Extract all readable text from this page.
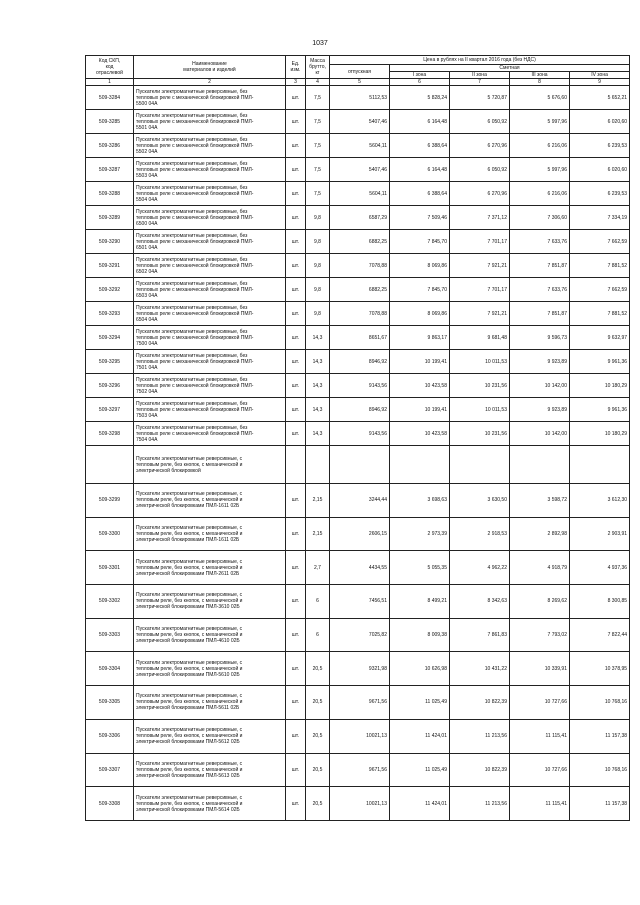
1037
Код СКП,
код
отраслевой	Наименование
материалов и изделий	Ед.
изм.	Масса
брутто,
кг	Цена в рублях на II квартал 2016 года (без НДС)				
				отпускная	Сметная			
					I зона	II зона	III зона	IV зона
1	2	3	4	5	6	7	8	9
509-3284	Пускатели электромагнитные реверсивные, без
тепловых реле с механической блокировкой ПМЛ-
5500 04А	шт.	7,5	5112,53	5 828,24	5 720,87	5 676,60	5 652,21
509-3285	Пускатели электромагнитные реверсивные, без
тепловых реле с механической блокировкой ПМЛ-
5501 04А	шт.	7,5	5407,46	6 164,48	6 050,92	5 997,96	6 020,60
509-3286	Пускатели электромагнитные реверсивные, без
тепловых реле с механической блокировкой ПМЛ-
5502 04А	шт.	7,5	5604,11	6 388,64	6 270,96	6 216,06	6 239,53
509-3287	Пускатели электромагнитные реверсивные, без
тепловых реле с механической блокировкой ПМЛ-
5503 04А	шт.	7,5	5407,46	6 164,48	6 050,92	5 997,96	6 020,60
509-3288	Пускатели электромагнитные реверсивные, без
тепловых реле с механической блокировкой ПМЛ-
5504 04А	шт.	7,5	5604,11	6 388,64	6 270,96	6 216,06	6 239,53
509-3289	Пускатели электромагнитные реверсивные, без
тепловых реле с механической блокировкой ПМЛ-
6500 04А	шт.	9,8	6587,29	7 509,46	7 371,12	7 306,60	7 334,19
509-3290	Пускатели электромагнитные реверсивные, без
тепловых реле с механической блокировкой ПМЛ-
6501 04А	шт.	9,8	6882,25	7 845,70	7 701,17	7 633,76	7 662,59
509-3291	Пускатели электромагнитные реверсивные, без
тепловых реле с механической блокировкой ПМЛ-
6502 04А	шт.	9,8	7078,88	8 069,86	7 921,21	7 851,87	7 881,52
509-3292	Пускатели электромагнитные реверсивные, без
тепловых реле с механической блокировкой ПМЛ-
6503 04А	шт.	9,8	6882,25	7 845,70	7 701,17	7 633,76	7 662,59
509-3293	Пускатели электромагнитные реверсивные, без
тепловых реле с механической блокировкой ПМЛ-
6504 04А	шт.	9,8	7078,88	8 069,86	7 921,21	7 851,87	7 881,52
509-3294	Пускатели электромагнитные реверсивные, без
тепловых реле с механической блокировкой ПМЛ-
7500 04А	шт.	14,3	8651,67	9 863,17	9 681,48	9 596,73	9 632,97
509-3295	Пускатели электромагнитные реверсивные, без
тепловых реле с механической блокировкой ПМЛ-
7501 04А	шт.	14,3	8946,92	10 199,41	10 011,53	9 923,89	9 961,36
509-3296	Пускатели электромагнитные реверсивные, без
тепловых реле с механической блокировкой ПМЛ-
7502 04А	шт.	14,3	9143,56	10 423,58	10 231,56	10 142,00	10 180,29
509-3297	Пускатели электромагнитные реверсивные, без
тепловых реле с механической блокировкой ПМЛ-
7503 04А	шт.	14,3	8946,92	10 199,41	10 011,53	9 923,89	9 961,36
509-3298	Пускатели электромагнитные реверсивные, без
тепловых реле с механической блокировкой ПМЛ-
7504 04А	шт.	14,3	9143,56	10 423,58	10 231,56	10 142,00	10 180,29
	Пускатели электромагнитные реверсивные, с
тепловым реле, без кнопок, с механической и
электрической блокировкой							
509-3299	Пускатели электромагнитные реверсивные, с
тепловым реле, без кнопок, с механической и
электрической блокировками ПМЛ-1611 02Б	шт.	2,15	3244,44	3 698,63	3 630,50	3 598,72	3 612,30
509-3300	Пускатели электромагнитные реверсивные, с
тепловым реле, без кнопок, с механической и
электрической блокировками ПМЛ-1611 02Б	шт.	2,15	2606,15	2 973,39	2 918,53	2 892,98	2 903,91
509-3301	Пускатели электромагнитные реверсивные, с
тепловым реле, без кнопок, с механической и
электрической блокировками ПМЛ-2611 02Б	шт.	2,7	4434,55	5 055,35	4 962,22	4 918,79	4 937,36
509-3302	Пускатели электромагнитные реверсивные, с
тепловым реле, без кнопок, с механической и
электрической блокировками ПМЛ-3610 02Б	шт.	6	7456,51	8 499,21	8 342,63	8 269,62	8 300,85
509-3303	Пускатели электромагнитные реверсивные, с
тепловым реле, без кнопок, с механической и
электрической блокировками ПМЛ-4610 02Б	шт.	6	7025,82	8 009,38	7 861,83	7 793,02	7 822,44
509-3304	Пускатели электромагнитные реверсивные, с
тепловым реле, без кнопок, с механической и
электрической блокировками ПМЛ-5610 02Б	шт.	20,5	9321,98	10 626,98	10 431,22	10 339,91	10 378,95
509-3305	Пускатели электромагнитные реверсивные, с
тепловым реле, без кнопок, с механической и
электрической блокировками ПМЛ-5611 02Б	шт.	20,5	9671,56	11 025,49	10 822,39	10 727,66	10 768,16
509-3306	Пускатели электромагнитные реверсивные, с
тепловым реле, без кнопок, с механической и
электрической блокировками ПМЛ-5612 02Б	шт.	20,5	10021,13	11 424,01	11 213,56	11 115,41	11 157,38
509-3307	Пускатели электромагнитные реверсивные, с
тепловым реле, без кнопок, с механической и
электрической блокировками ПМЛ-5613 02Б	шт.	20,5	9671,56	11 025,49	10 822,39	10 727,66	10 768,16
509-3308	Пускатели электромагнитные реверсивные, с
тепловым реле, без кнопок, с механической и
электрической блокировками ПМЛ-5614 02Б	шт.	20,5	10021,13	11 424,01	11 213,56	11 115,41	11 157,38
